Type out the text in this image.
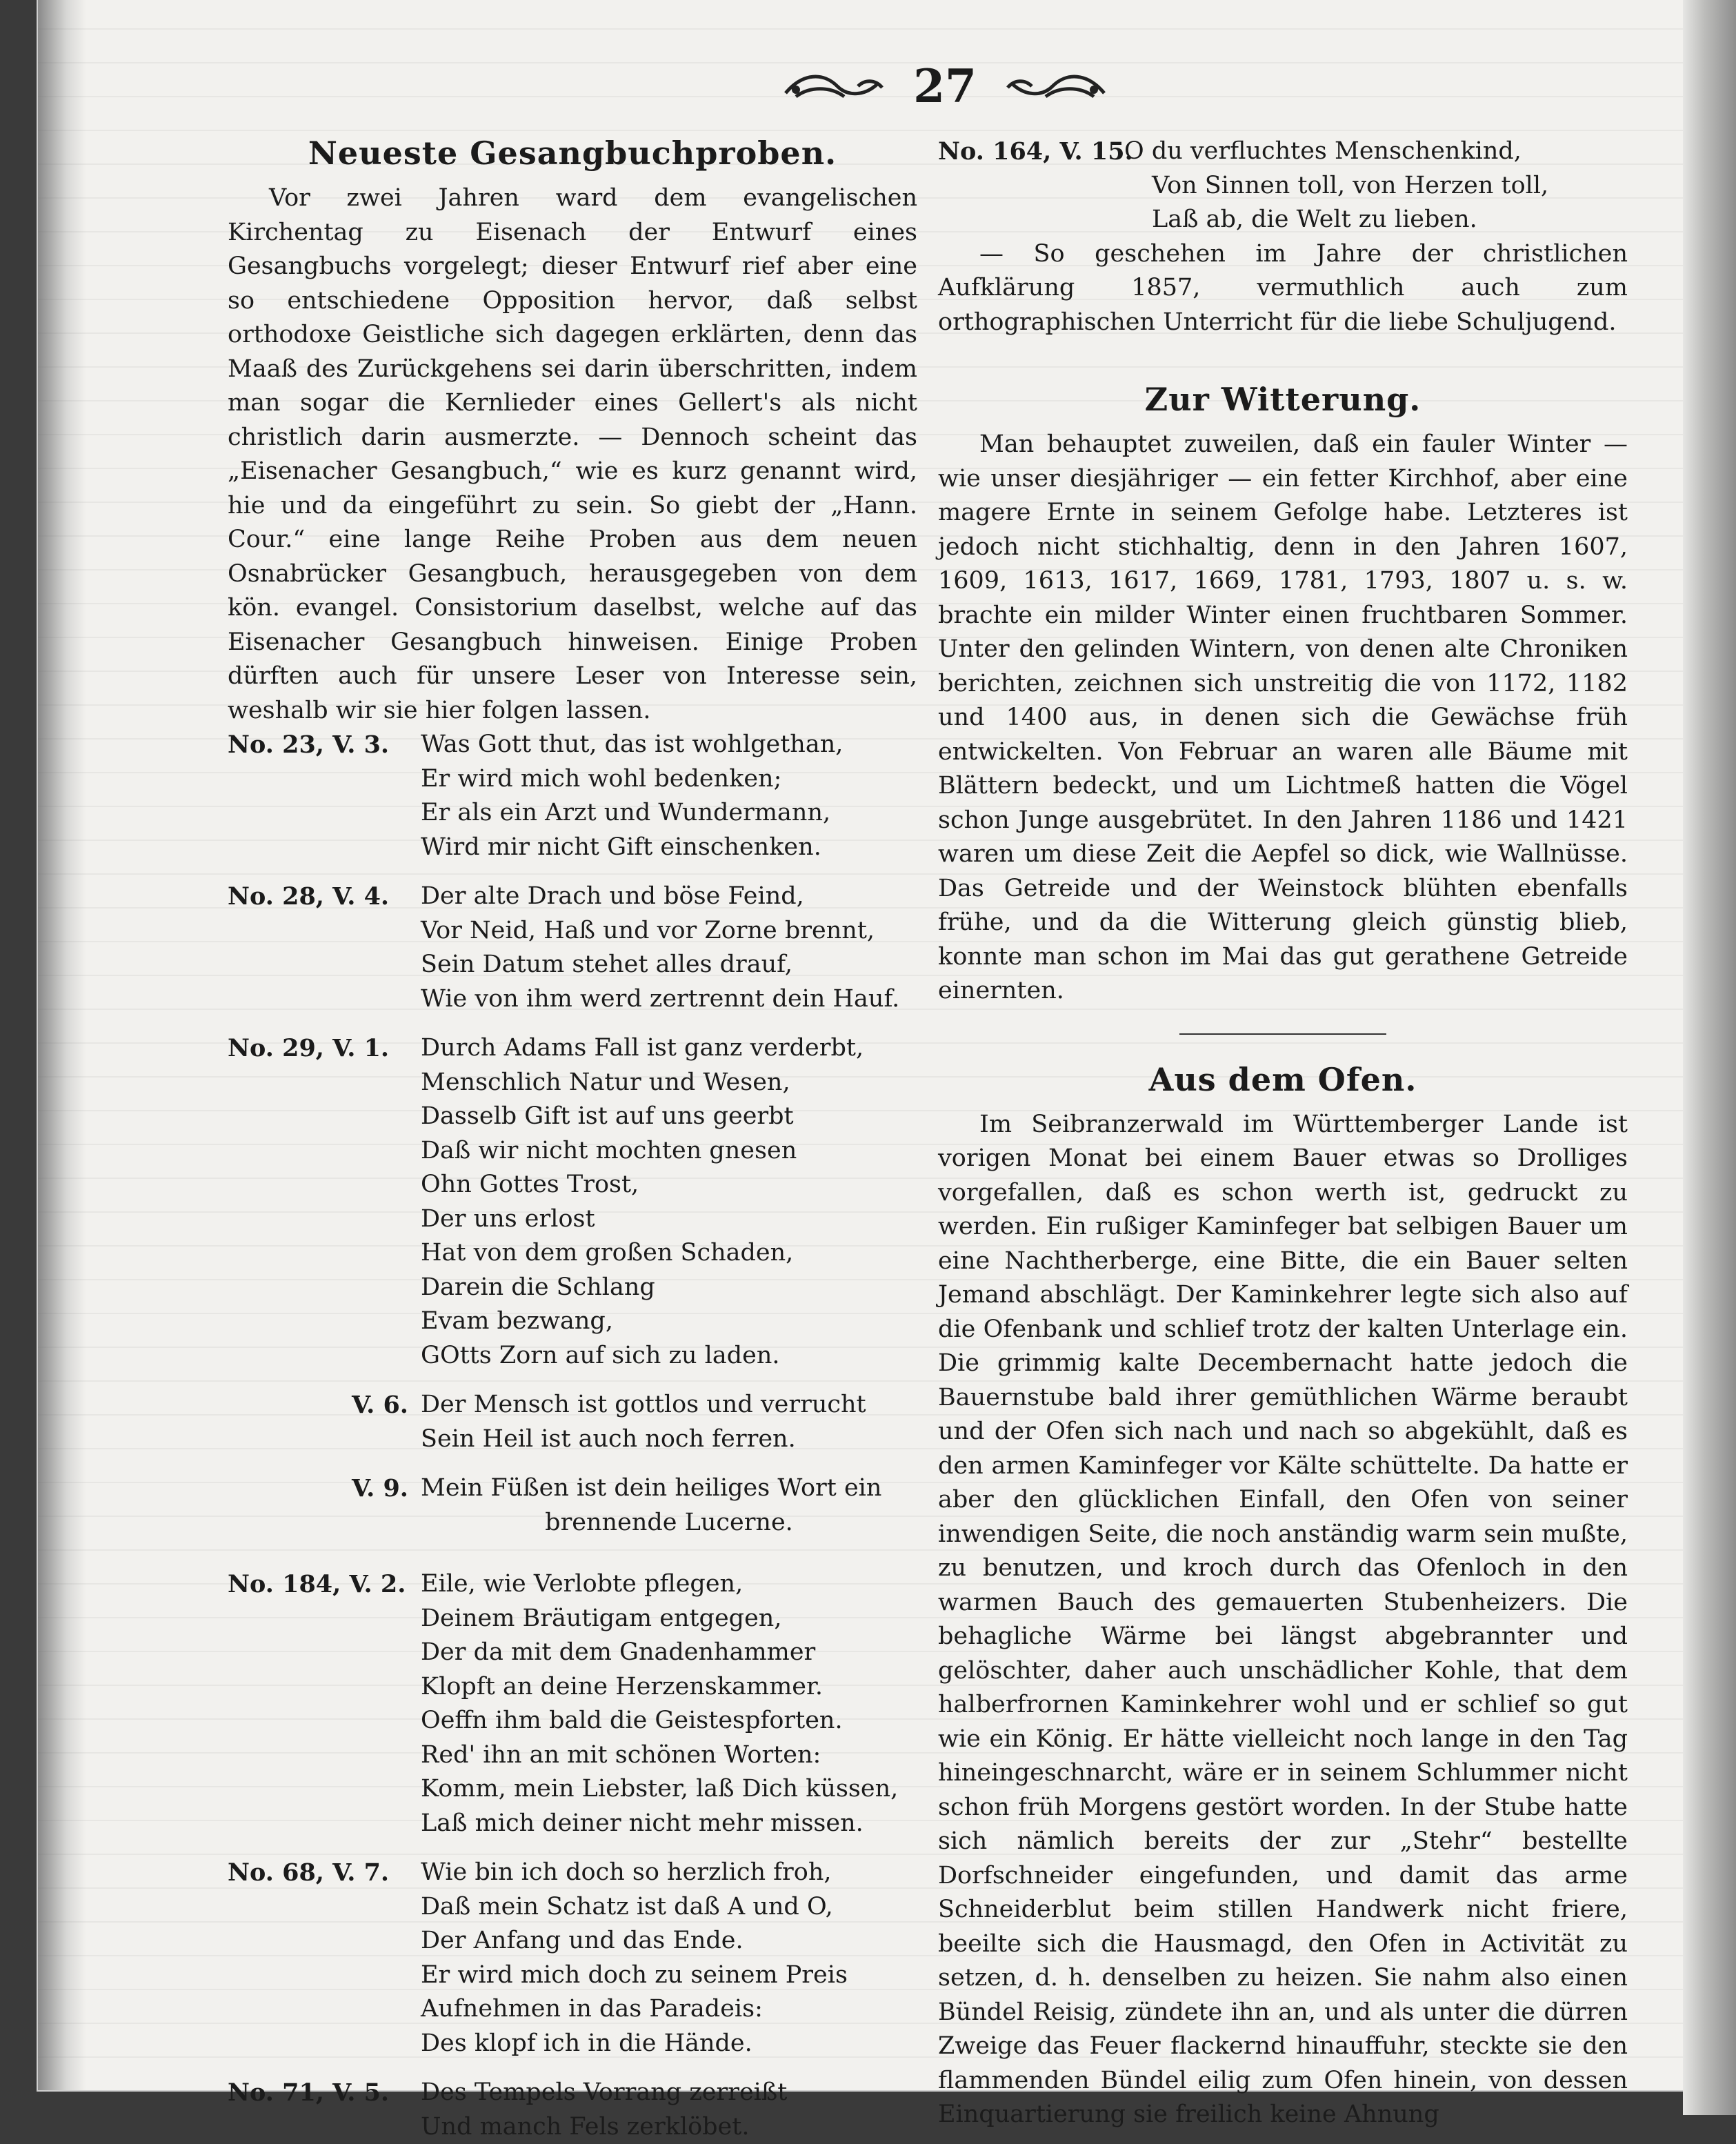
27
Neueste Gesangbuchproben.

Vor zwei Jahren ward dem evangelischen Kirchentag zu Eisenach der Entwurf eines Gesangbuchs vorgelegt; dieser Entwurf rief aber eine so entschiedene Opposition hervor, daß selbst orthodoxe Geistliche sich dagegen erklärten, denn das Maaß des Zurückgehens sei darin überschritten, indem man sogar die Kernlieder eines Gellert's als nicht christlich darin ausmerzte. — Dennoch scheint das „Eisenacher Gesangbuch,“ wie es kurz genannt wird, hie und da eingeführt zu sein. So giebt der „Hann. Cour.“ eine lange Reihe Proben aus dem neuen Osnabrücker Gesangbuch, herausgegeben von dem kön. evangel. Consistorium daselbst, welche auf das Eisenacher Gesangbuch hinweisen. Einige Proben dürften auch für unsere Leser von Interesse sein, weshalb wir sie hier folgen lassen.

No. 23, V. 3.	Was Gott thut, das ist wohlgethan,
Er wird mich wohl bedenken;
Er als ein Arzt und Wundermann,
Wird mir nicht Gift einschenken.
No. 28, V. 4.	Der alte Drach und böse Feind,
Vor Neid, Haß und vor Zorne brennt,
Sein Datum stehet alles drauf,
Wie von ihm werd zertrennt dein Hauf.
No. 29, V. 1.	Durch Adams Fall ist ganz verderbt,
Menschlich Natur und Wesen,
Dasselb Gift ist auf uns geerbt
Daß wir nicht mochten gnesen
Ohn Gottes Trost,
Der uns erlost
Hat von dem großen Schaden,
Darein die Schlang
Evam bezwang,
GOtts Zorn auf sich zu laden.
V. 6. Der Mensch ist gottlos und verrucht
Sein Heil ist auch noch ferren.
V. 9. Mein Füßen ist dein heiliges Wort ein
brennende Lucerne.
No. 184, V. 2. Eile, wie Verlobte pflegen,
Deinem Bräutigam entgegen,
Der da mit dem Gnadenhammer
Klopft an deine Herzenskammer.
Oeffn ihm bald die Geistespforten.
Red' ihn an mit schönen Worten:
Komm, mein Liebster, laß Dich küssen,
Laß mich deiner nicht mehr missen.
No. 68, V. 7.	Wie bin ich doch so herzlich froh,
Daß mein Schatz ist daß A und O,
Der Anfang und das Ende.
Er wird mich doch zu seinem Preis
Aufnehmen in das Paradeis:
Des klopf ich in die Hände.
No. 71, V. 5.	Des Tempels Vorrang zerreißt
Und manch Fels zerklöbet.
No. 164, V. 15.
O du verfluchtes Menschenkind,
Von Sinnen toll, von Herzen toll,
Laß ab, die Welt zu lieben.

— So geschehen im Jahre der christlichen Aufklärung 1857, vermuthlich auch zum orthographischen Unterricht für die liebe Schuljugend.

Zur Witterung.

Man behauptet zuweilen, daß ein fauler Winter — wie unser diesjähriger — ein fetter Kirchhof, aber eine magere Ernte in seinem Gefolge habe. Letzteres ist jedoch nicht stichhaltig, denn in den Jahren 1607, 1609, 1613, 1617, 1669, 1781, 1793, 1807 u. s. w. brachte ein milder Winter einen fruchtbaren Sommer. Unter den gelinden Wintern, von denen alte Chroniken berichten, zeichnen sich unstreitig die von 1172, 1182 und 1400 aus, in denen sich die Gewächse früh entwickelten. Von Februar an waren alle Bäume mit Blättern bedeckt, und um Lichtmeß hatten die Vögel schon Junge ausgebrütet. In den Jahren 1186 und 1421 waren um diese Zeit die Aepfel so dick, wie Wallnüsse. Das Getreide und der Weinstock blühten ebenfalls frühe, und da die Witterung gleich günstig blieb, konnte man schon im Mai das gut gerathene Getreide einernten.

Aus dem Ofen.

Im Seibranzerwald im Württemberger Lande ist vorigen Monat bei einem Bauer etwas so Drolliges vorgefallen, daß es schon werth ist, gedruckt zu werden. Ein rußiger Kaminfeger bat selbigen Bauer um eine Nachtherberge, eine Bitte, die ein Bauer selten Jemand abschlägt. Der Kaminkehrer legte sich also auf die Ofenbank und schlief trotz der kalten Unterlage ein. Die grimmig kalte Decembernacht hatte jedoch die Bauernstube bald ihrer gemüthlichen Wärme beraubt und der Ofen sich nach und nach so abgekühlt, daß es den armen Kaminfeger vor Kälte schüttelte. Da hatte er aber den glücklichen Einfall, den Ofen von seiner inwendigen Seite, die noch anständig warm sein mußte, zu benutzen, und kroch durch das Ofenloch in den warmen Bauch des gemauerten Stubenheizers. Die behagliche Wärme bei längst abgebrannter und gelöschter, daher auch unschädlicher Kohle, that dem halberfrornen Kaminkehrer wohl und er schlief so gut wie ein König. Er hätte vielleicht noch lange in den Tag hineingeschnarcht, wäre er in seinem Schlummer nicht schon früh Morgens gestört worden. In der Stube hatte sich nämlich bereits der zur „Stehr“ bestellte Dorfschneider eingefunden, und damit das arme Schneiderblut beim stillen Handwerk nicht friere, beeilte sich die Hausmagd, den Ofen in Activität zu setzen, d. h. denselben zu heizen. Sie nahm also einen Bündel Reisig, zündete ihn an, und als unter die dürren Zweige das Feuer flackernd hinauffuhr, steckte sie den flammenden Bündel eilig zum Ofen hinein, von dessen Einquartierung sie freilich keine Ahnung
